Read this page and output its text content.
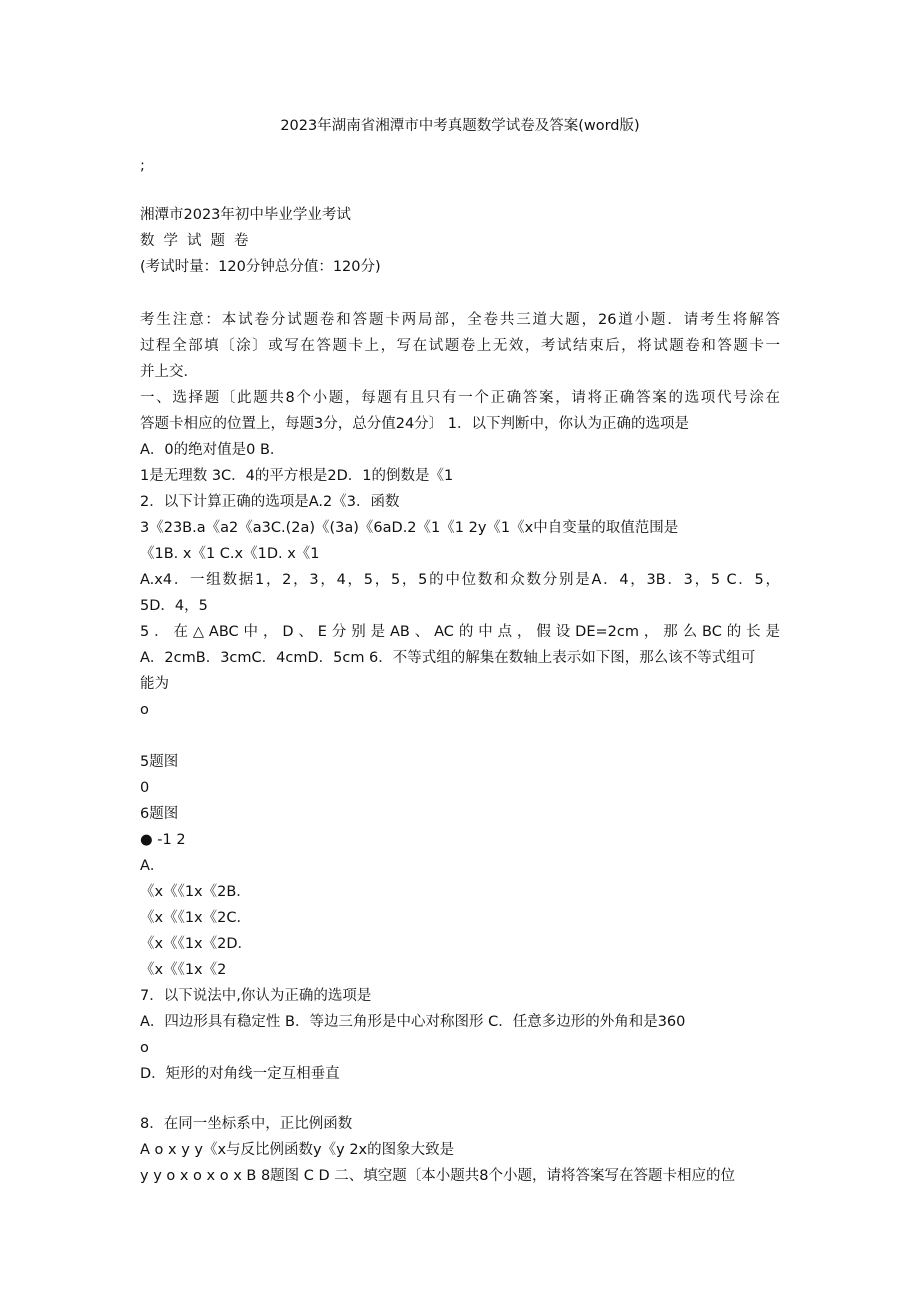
2023年湖南省湘潭市中考真题数学试卷及答案(word版)
;
湘潭市2023年初中毕业学业考试
数学试题卷
(考试时量：120分钟总分值：120分)
考生注意：本试卷分试题卷和答题卡两局部，全卷共三道大题，26道小题．请考生将解答
过程全部填〔涂〕或写在答题卡上，写在试题卷上无效，考试结束后，将试题卷和答题卡一
并上交．
一、选择题〔此题共8个小题，每题有且只有一个正确答案，请将正确答案的选项代号涂在
答题卡相应的位置上，每题3分，总分值24分〕 1．以下判断中，你认为正确的选项是
A．0的绝对值是0 B．
1是无理数 3C．4的平方根是2D．1的倒数是《1
2．以下计算正确的选项是A.2《3．函数
3《23B.a《a2《a3C.(2a)《(3a)《6aD.2《1《1 2y《1《x中自变量的取值范围是
《1B. x《1 C.x《1D. x《1
A.x4．一组数据1，2，3，4，5，5，5的中位数和众数分别是A．4，3B．3，5 C．5，
5D．4，5
5．在△ABC中，D、E分别是AB、AC的中点，假设DE=2cm，那么BC的长是
A．2cmB．3cmC．4cmD．5cm 6．不等式组的解集在数轴上表示如下图，那么该不等式组可
能为
o
5题图
0
6题图
● -1 2
A．
《x《《1x《2B．
《x《《1x《2C．
《x《《1x《2D．
《x《《1x《2
7．以下说法中,你认为正确的选项是
A．四边形具有稳定性 B．等边三角形是中心对称图形 C．任意多边形的外角和是360
o
D．矩形的对角线一定互相垂直
8．在同一坐标系中，正比例函数
A o x y y《x与反比例函数y《y 2x的图象大致是
y y o x o x o x B 8题图 C D 二、填空题〔本小题共8个小题，请将答案写在答题卡相应的位
